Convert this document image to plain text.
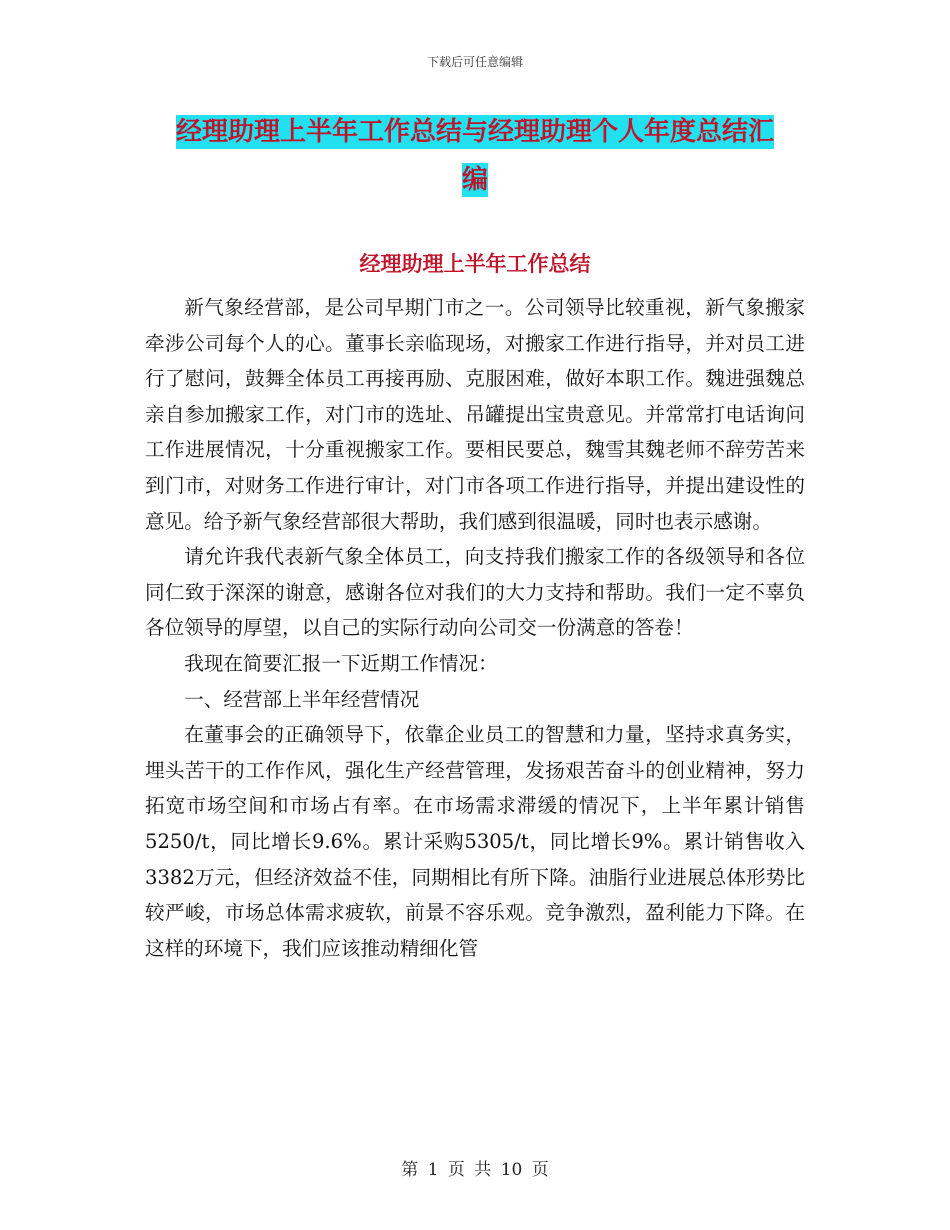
下载后可任意编辑
经理助理上半年工作总结与经理助理个人年度总结汇
编
经理助理上半年工作总结

新气象经营部，是公司早期门市之一。公司领导比较重视，新气象搬家牵涉公司每个人的心。董事长亲临现场，对搬家工作进行指导，并对员工进行了慰问，鼓舞全体员工再接再励、克服困难，做好本职工作。魏进强魏总亲自参加搬家工作，对门市的选址、吊罐提出宝贵意见。并常常打电话询问工作进展情况，十分重视搬家工作。要相民要总，魏雪其魏老师不辞劳苦来到门市，对财务工作进行审计，对门市各项工作进行指导，并提出建设性的意见。给予新气象经营部很大帮助，我们感到很温暖，同时也表示感谢。

请允许我代表新气象全体员工，向支持我们搬家工作的各级领导和各位同仁致于深深的谢意，感谢各位对我们的大力支持和帮助。我们一定不辜负各位领导的厚望，以自己的实际行动向公司交一份满意的答卷！

我现在简要汇报一下近期工作情况：

一、经营部上半年经营情况

在董事会的正确领导下，依靠企业员工的智慧和力量，坚持求真务实，埋头苦干的工作作风，强化生产经营管理，发扬艰苦奋斗的创业精神，努力拓宽市场空间和市场占有率。在市场需求滞缓的情况下，上半年累计销售5250/t，同比增长9.6%。累计采购5305/t，同比增长9%。累计销售收入3382万元，但经济效益不佳，同期相比有所下降。油脂行业进展总体形势比较严峻，市场总体需求疲软，前景不容乐观。竞争激烈，盈利能力下降。在这样的环境下，我们应该推动精细化管

第 1 页 共 10 页
